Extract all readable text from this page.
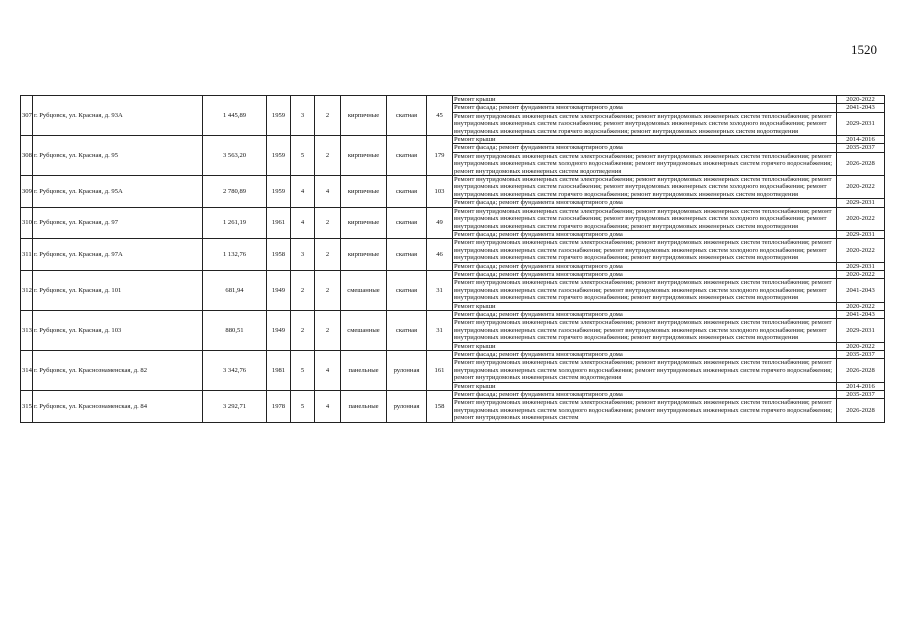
1520
307	г. Рубцовск, ул. Красная, д. 93А	1 445,89	1959	3	2	кирпичные	скатная	45	Ремонт крыши	2020-2022
									Ремонт фасада; ремонт фундамента многоквартирного дома	2041-2043
									Ремонт внутридомовых инженерных систем электроснабжения; ремонт внутридомовых инженерных систем теплоснабжения; ремонт внутридомовых инженерных систем газоснабжения; ремонт внутридомовых инженерных систем холодного водоснабжения; ремонт внутридомовых инженерных систем горячего водоснабжения; ремонт внутридомовых инженерных систем водоотведения	2029-2031
308	г. Рубцовск, ул. Красная, д. 95	3 563,20	1959	5	2	кирпичные	скатная	179	Ремонт крыши	2014-2016
									Ремонт фасада; ремонт фундамента многоквартирного дома	2035-2037
									Ремонт внутридомовых инженерных систем электроснабжения; ремонт внутридомовых инженерных систем теплоснабжения; ремонт внутридомовых инженерных систем холодного водоснабжения; ремонт внутридомовых инженерных систем горячего водоснабжения; ремонт внутридомовых инженерных систем водоотведения	2026-2028
309	г. Рубцовск, ул. Красная, д. 95А	2 780,89	1959	4	4	кирпичные	скатная	103	Ремонт внутридомовых инженерных систем электроснабжения; ремонт внутридомовых инженерных систем теплоснабжения; ремонт внутридомовых инженерных систем газоснабжения; ремонт внутридомовых инженерных систем холодного водоснабжения; ремонт внутридомовых инженерных систем горячего водоснабжения; ремонт внутридомовых инженерных систем водоотведения	2020-2022
									Ремонт фасада; ремонт фундамента многоквартирного дома	2029-2031
310	г. Рубцовск, ул. Красная, д. 97	1 261,19	1961	4	2	кирпичные	скатная	49	Ремонт внутридомовых инженерных систем электроснабжения; ремонт внутридомовых инженерных систем теплоснабжения; ремонт внутридомовых инженерных систем газоснабжения; ремонт внутридомовых инженерных систем холодного водоснабжения; ремонт внутридомовых инженерных систем горячего водоснабжения; ремонт внутридомовых инженерных систем водоотведения	2020-2022
									Ремонт фасада; ремонт фундамента многоквартирного дома	2029-2031
311	г. Рубцовск, ул. Красная, д. 97А	1 132,76	1958	3	2	кирпичные	скатная	46	Ремонт внутридомовых инженерных систем электроснабжения; ремонт внутридомовых инженерных систем теплоснабжения; ремонт внутридомовых инженерных систем газоснабжения; ремонт внутридомовых инженерных систем холодного водоснабжения; ремонт внутридомовых инженерных систем горячего водоснабжения; ремонт внутридомовых инженерных систем водоотведения	2020-2022
									Ремонт фасада; ремонт фундамента многоквартирного дома	2029-2031
312	г. Рубцовск, ул. Красная, д. 101	681,94	1949	2	2	смешанные	скатная	31	Ремонт фасада; ремонт фундамента многоквартирного дома	2020-2022
									Ремонт внутридомовых инженерных систем электроснабжения; ремонт внутридомовых инженерных систем теплоснабжения; ремонт внутридомовых инженерных систем газоснабжения; ремонт внутридомовых инженерных систем холодного водоснабжения; ремонт внутридомовых инженерных систем горячего водоснабжения; ремонт внутридомовых инженерных систем водоотведения	2041-2043
									Ремонт крыши	2020-2022
313	г. Рубцовск, ул. Красная, д. 103	880,51	1949	2	2	смешанные	скатная	31	Ремонт фасада; ремонт фундамента многоквартирного дома	2041-2043
									Ремонт внутридомовых инженерных систем электроснабжения; ремонт внутридомовых инженерных систем теплоснабжения; ремонт внутридомовых инженерных систем газоснабжения; ремонт внутридомовых инженерных систем холодного водоснабжения; ремонт внутридомовых инженерных систем горячего водоснабжения; ремонт внутридомовых инженерных систем водоотведения	2029-2031
									Ремонт крыши	2020-2022
314	г. Рубцовск, ул. Краснознаменская, д. 82	3 342,76	1981	5	4	панельные	рулонная	161	Ремонт фасада; ремонт фундамента многоквартирного дома	2035-2037
									Ремонт внутридомовых инженерных систем электроснабжения; ремонт внутридомовых инженерных систем теплоснабжения; ремонт внутридомовых инженерных систем холодного водоснабжения; ремонт внутридомовых инженерных систем горячего водоснабжения; ремонт внутридомовых инженерных систем водоотведения	2026-2028
									Ремонт крыши	2014-2016
315	г. Рубцовск, ул. Краснознаменская, д. 84	3 292,71	1978	5	4	панельные	рулонная	158	Ремонт фасада; ремонт фундамента многоквартирного дома	2035-2037
									Ремонт внутридомовых инженерных систем электроснабжения; ремонт внутридомовых инженерных систем теплоснабжения; ремонт внутридомовых инженерных систем холодного водоснабжения; ремонт внутридомовых инженерных систем горячего водоснабжения; ремонт внутридомовых инженерных систем	2026-2028
